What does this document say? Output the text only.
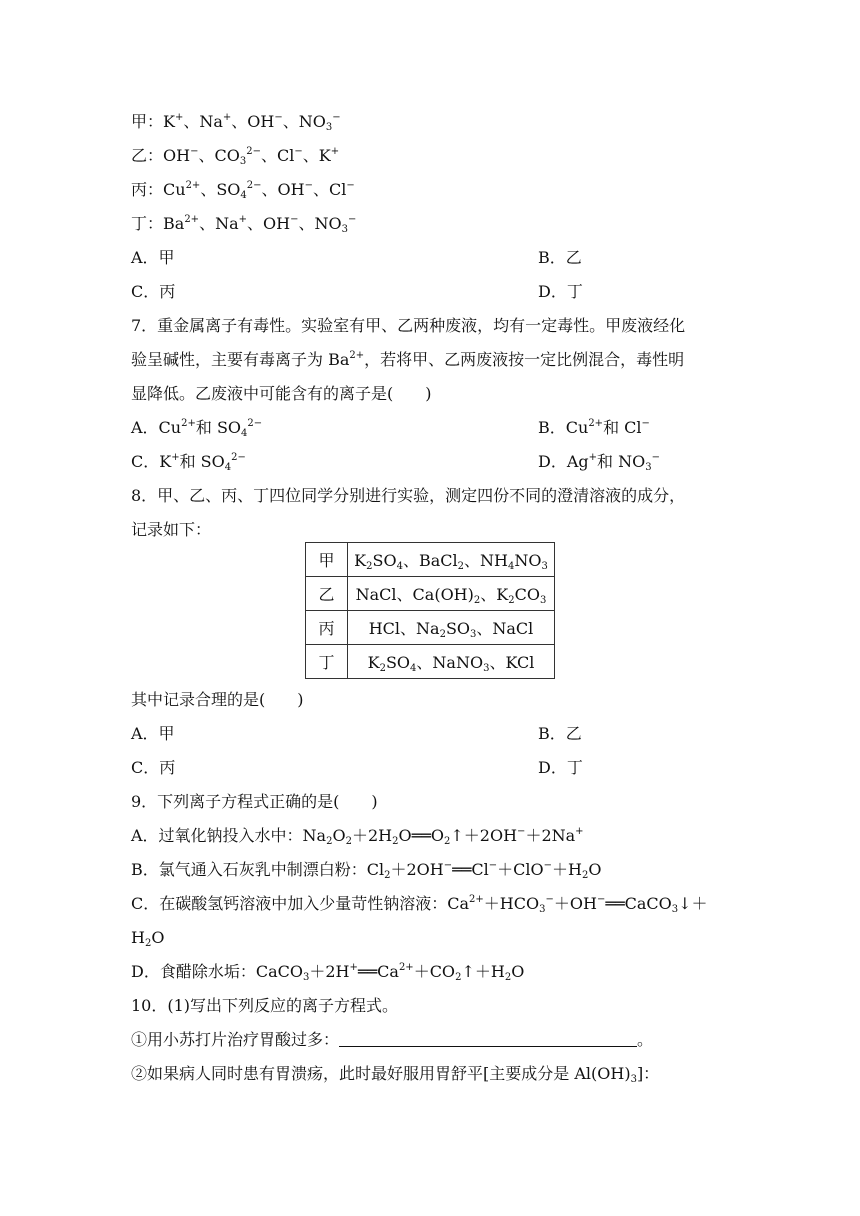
甲：K+、Na+、OH−、$NO_3^-$
乙：OH−、$CO_3^{2-}$、Cl−、K+
丙：$Cu^{2+}$、$SO_4^{2-}$、OH−、Cl−
丁：$Ba^{2+}$、Na+、OH−、$NO_3^-$
A．甲	B．乙
C．丙	D．丁
7．重金属离子有毒性。实验室有甲、乙两种废液，均有一定毒性。甲废液经化
验呈碱性，主要有毒离子为 $Ba^{2+}$，若将甲、乙两废液按一定比例混合，毒性明
显降低。乙废液中可能含有的离子是(　　)
A．$Cu^{2+}$和 $SO_4^{2-}$	B．$Cu^{2+}$和 Cl−
C．K+和 $SO_4^{2-}$	D．Ag+和 $NO_3^-$
8．甲、乙、丙、丁四位同学分别进行实验，测定四份不同的澄清溶液的成分，
记录如下：
甲	$K_2SO_4$、BaCl$_2$、$NH_4NO_3$
乙	NaCl、$Ca(OH)_2$、$K_2CO_3$
丙	HCl、$Na_2SO_3$、NaCl
丁	$K_2SO_4$、NaNO$_3$、KCl
其中记录合理的是(　　)
A．甲	B．乙
C．丙	D．丁
9．下列离子方程式正确的是(　　)
A．过氧化钠投入水中：$Na_2O_2+2H_2O══O_2↑+2OH^-+2Na^+$
B．氯气通入石灰乳中制漂白粉：$Cl_2+2OH^-══Cl^-+ClO^-+H_2O$
C．在碳酸氢钙溶液中加入少量苛性钠溶液：$Ca^{2+}+HCO_3^-+OH^-══CaCO_3↓+$
$H_2O$
D．食醋除水垢：$CaCO_3+2H^+══Ca^{2+}+CO_2↑+H_2O$
10．(1)写出下列反应的离子方程式。
①用小苏打片治疗胃酸过多：	。
②如果病人同时患有胃溃疡，此时最好服用胃舒平[主要成分是 $Al(OH)_3$]：
